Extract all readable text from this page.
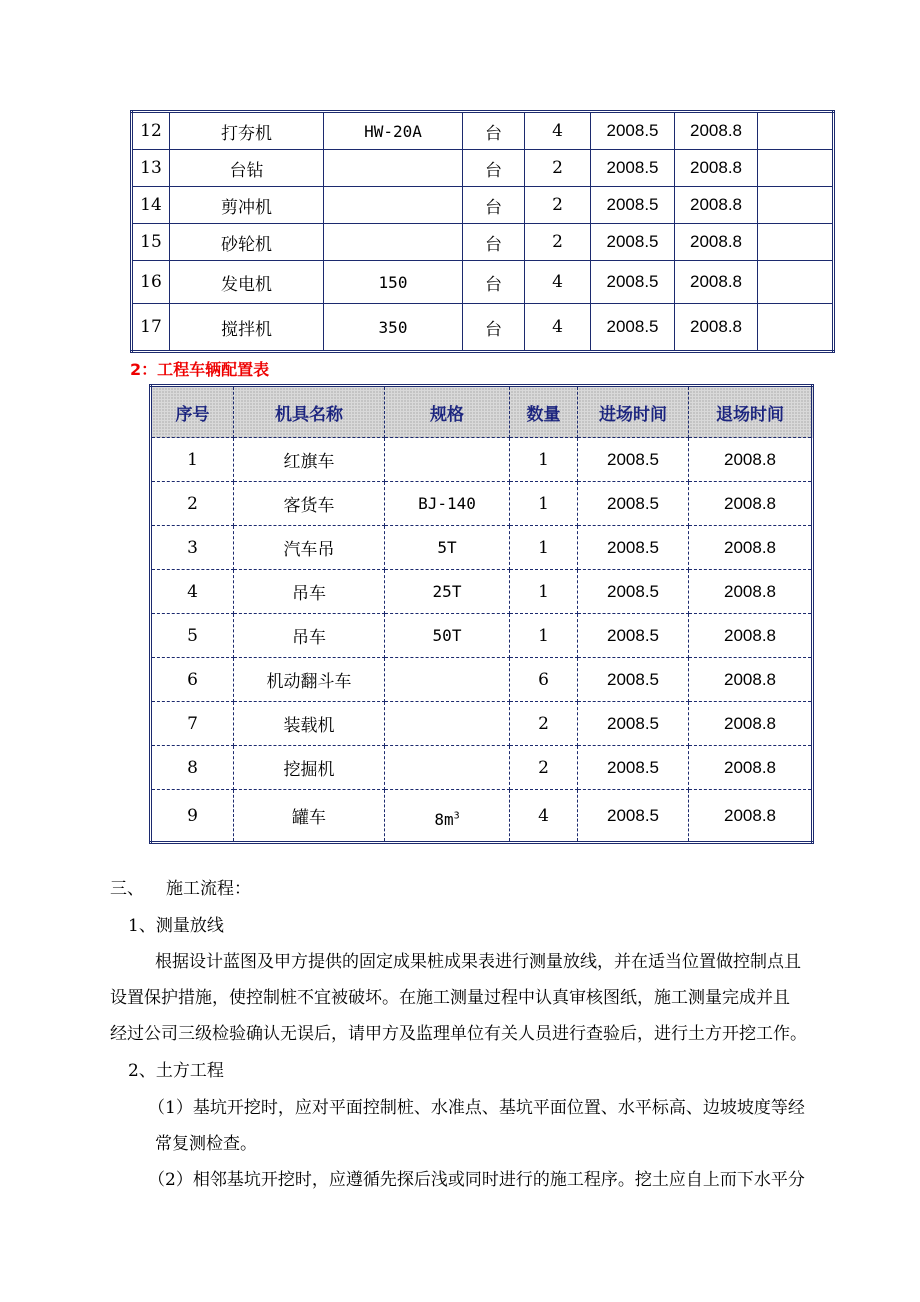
12	打夯机	HW-20A	台	4	2008.5	2008.8	
13	台钻		台	2	2008.5	2008.8	
14	剪冲机		台	2	2008.5	2008.8	
15	砂轮机		台	2	2008.5	2008.8	
16	发电机	150	台	4	2008.5	2008.8	
17	搅拌机	350	台	4	2008.5	2008.8	

2：工程车辆配置表

序号	机具名称	规格	数量	进场时间	退场时间
1	红旗车		1	2008.5	2008.8
2	客货车	BJ-140	1	2008.5	2008.8
3	汽车吊	5T	1	2008.5	2008.8
4	吊车	25T	1	2008.5	2008.8
5	吊车	50T	1	2008.5	2008.8
6	机动翻斗车		6	2008.5	2008.8
7	装载机		2	2008.5	2008.8
8	挖掘机		2	2008.5	2008.8
9	罐车	$8m^3$	4	2008.5	2008.8

三、 施工流程：

1、测量放线

根据设计蓝图及甲方提供的固定成果桩成果表进行测量放线，并在适当位置做控制点且

设置保护措施，使控制桩不宜被破坏。在施工测量过程中认真审核图纸，施工测量完成并且

经过公司三级检验确认无误后，请甲方及监理单位有关人员进行查验后，进行土方开挖工作。

2、土方工程

（1）基坑开挖时，应对平面控制桩、水准点、基坑平面位置、水平标高、边坡坡度等经

常复测检查。

（2）相邻基坑开挖时，应遵循先探后浅或同时进行的施工程序。挖土应自上而下水平分
